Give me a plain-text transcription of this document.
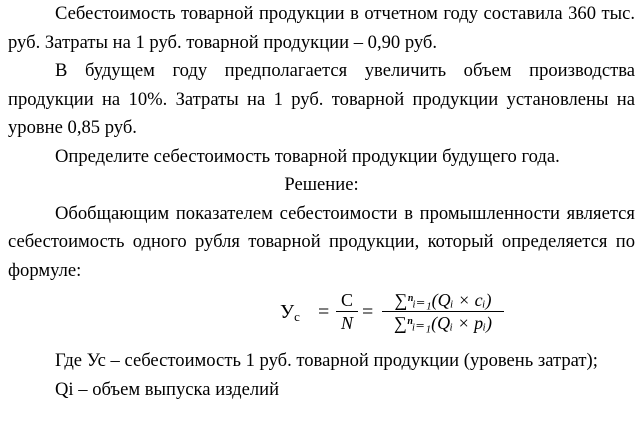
Себестоимость товарной продукции в отчетном году составила 360 тыс. руб. Затраты на 1 руб. товарной продукции – 0,90 руб.

В будущем году предполагается увеличить объем производства продукции на 10%. Затраты на 1 руб. товарной продукции установлены на уровне 0,85 руб.

Определите себестоимость товарной продукции будущего года.

Решение:

Обобщающим показателем себестоимости в промышленности является себестоимость одного рубля товарной продукции, который определяется по формуле:

$У_с$ =
С
N
=
∑ⁿᵢ₌₁(Qᵢ × cᵢ)
∑ⁿᵢ₌₁(Qᵢ × pᵢ)

Где Ус – себестоимость 1 руб. товарной продукции (уровень затрат);

Qi – объем выпуска изделий
